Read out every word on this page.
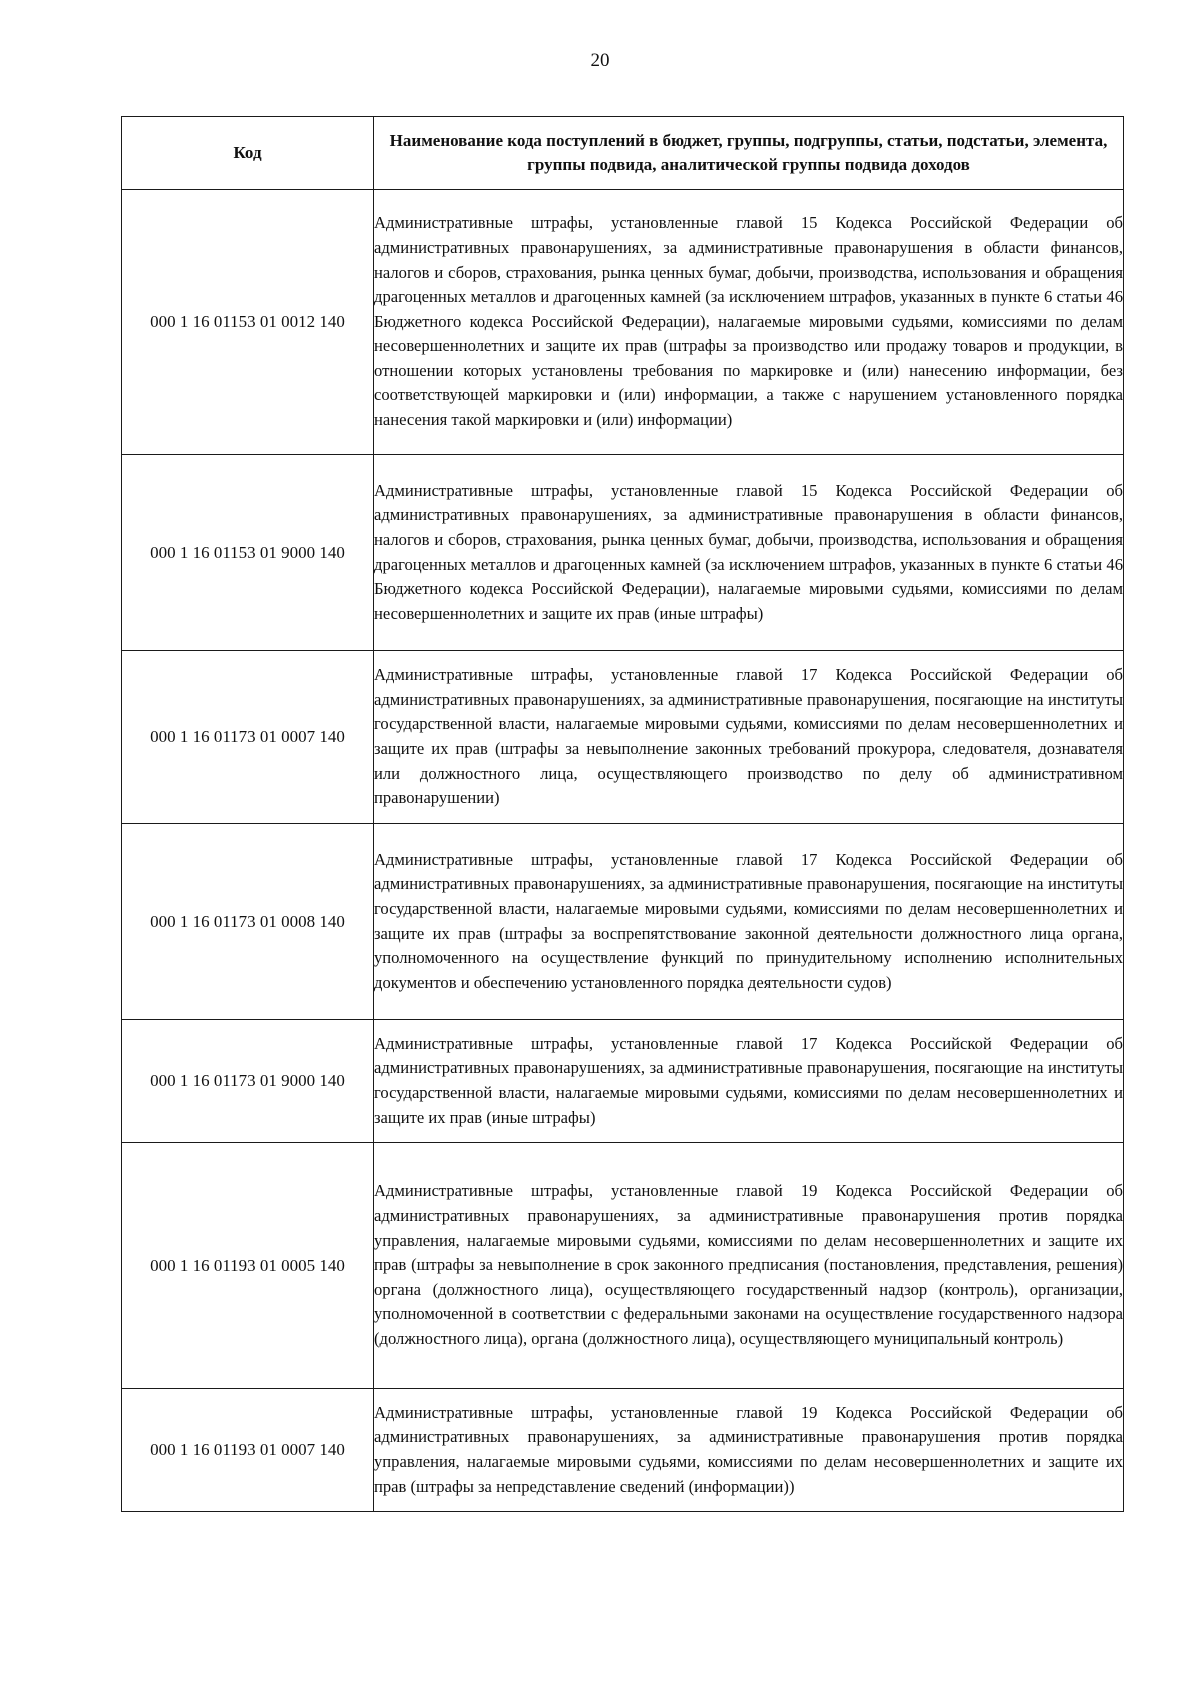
20
Код	Наименование кода поступлений в бюджет, группы, подгруппы, статьи, подстатьи, элемента, группы подвида, аналитической группы подвида доходов
000 1 16 01153 01 0012 140	Административные штрафы, установленные главой 15 Кодекса Российской Федерации об административных правонарушениях, за административные правонарушения в области финансов, налогов и сборов, страхования, рынка ценных бумаг, добычи, производства, использования и обращения драгоценных металлов и драгоценных камней (за исключением штрафов, указанных в пункте 6 статьи 46 Бюджетного кодекса Российской Федерации), налагаемые мировыми судьями, комиссиями по делам несовершеннолетних и защите их прав (штрафы за производство или продажу товаров и продукции, в отношении которых установлены требования по маркировке и (или) нанесению информации, без соответствующей маркировки и (или) информации, а также с нарушением установленного порядка нанесения такой маркировки и (или) информации)
000 1 16 01153 01 9000 140	Административные штрафы, установленные главой 15 Кодекса Российской Федерации об административных правонарушениях, за административные правонарушения в области финансов, налогов и сборов, страхования, рынка ценных бумаг, добычи, производства, использования и обращения драгоценных металлов и драгоценных камней (за исключением штрафов, указанных в пункте 6 статьи 46 Бюджетного кодекса Российской Федерации), налагаемые мировыми судьями, комиссиями по делам несовершеннолетних и защите их прав (иные штрафы)
000 1 16 01173 01 0007 140	Административные штрафы, установленные главой 17 Кодекса Российской Федерации об административных правонарушениях, за административные правонарушения, посягающие на институты государственной власти, налагаемые мировыми судьями, комиссиями по делам несовершеннолетних и защите их прав (штрафы за невыполнение законных требований прокурора, следователя, дознавателя или должностного лица, осуществляющего производство по делу об административном правонарушении)
000 1 16 01173 01 0008 140	Административные штрафы, установленные главой 17 Кодекса Российской Федерации об административных правонарушениях, за административные правонарушения, посягающие на институты государственной власти, налагаемые мировыми судьями, комиссиями по делам несовершеннолетних и защите их прав (штрафы за воспрепятствование законной деятельности должностного лица органа, уполномоченного на осуществление функций по принудительному исполнению исполнительных документов и обеспечению установленного порядка деятельности судов)
000 1 16 01173 01 9000 140	Административные штрафы, установленные главой 17 Кодекса Российской Федерации об административных правонарушениях, за административные правонарушения, посягающие на институты государственной власти, налагаемые мировыми судьями, комиссиями по делам несовершеннолетних и защите их прав (иные штрафы)
000 1 16 01193 01 0005 140	Административные штрафы, установленные главой 19 Кодекса Российской Федерации об административных правонарушениях, за административные правонарушения против порядка управления, налагаемые мировыми судьями, комиссиями по делам несовершеннолетних и защите их прав (штрафы за невыполнение в срок законного предписания (постановления, представления, решения) органа (должностного лица), осуществляющего государственный надзор (контроль), организации, уполномоченной в соответствии с федеральными законами на осуществление государственного надзора (должностного лица), органа (должностного лица), осуществляющего муниципальный контроль)
000 1 16 01193 01 0007 140	Административные штрафы, установленные главой 19 Кодекса Российской Федерации об административных правонарушениях, за административные правонарушения против порядка управления, налагаемые мировыми судьями, комиссиями по делам несовершеннолетних и защите их прав (штрафы за непредставление сведений (информации))
